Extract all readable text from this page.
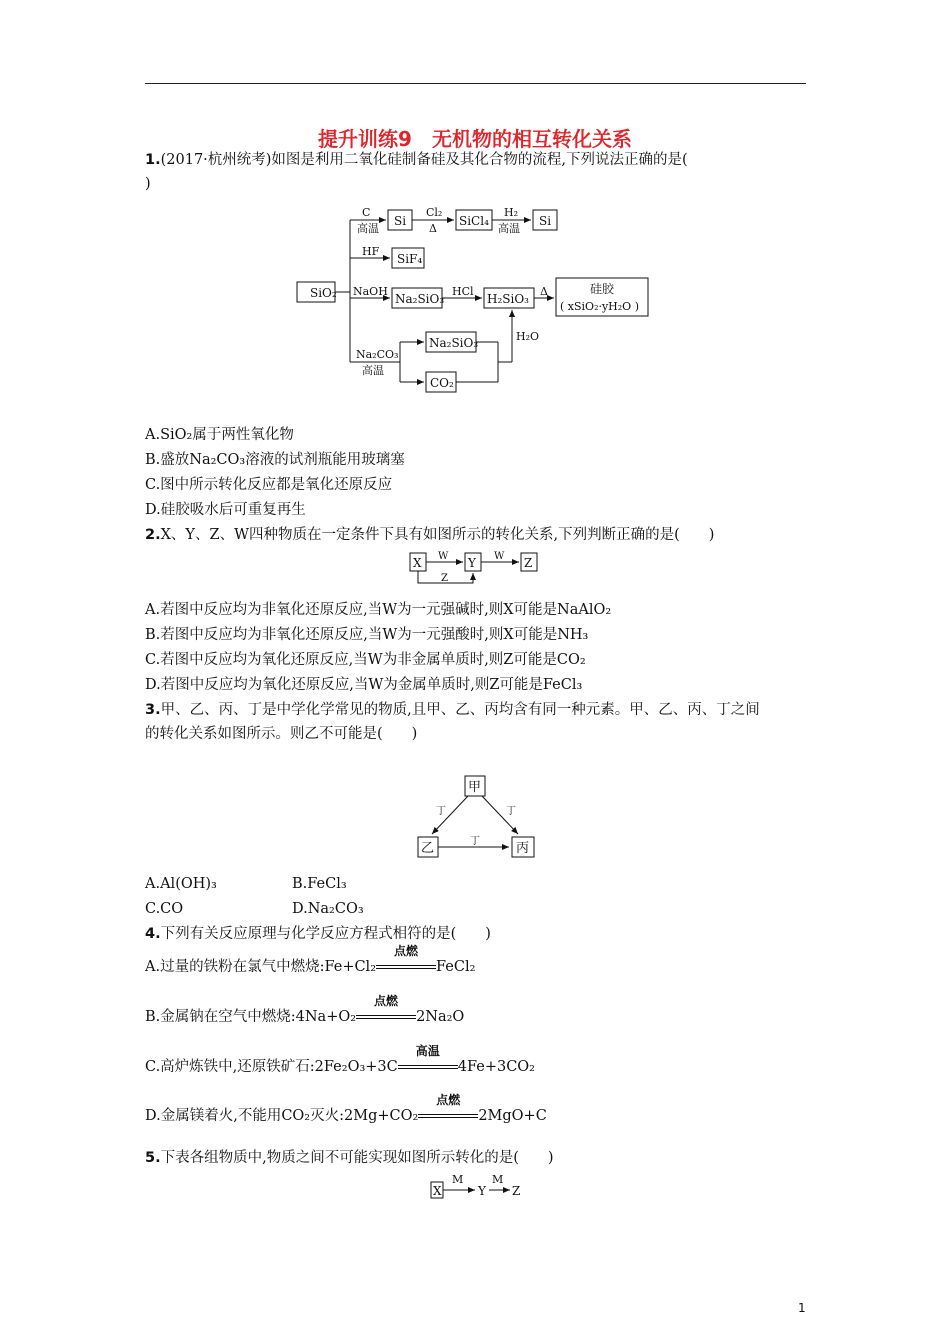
提升训练9　无机物的相互转化关系
1.(2017·杭州统考)如图是利用二氧化硅制备硅及其化合物的流程,下列说法正确的是(
)
SiO₂
C
高温
Si
Cl₂
Δ
SiCl₄
H₂
高温
Si
HF
SiF₄
NaOH
Na₂SiO₃
HCl
H₂SiO₃
Δ	硅胶
( xSiO₂·yH₂O )
Na₂CO₃
高温
Na₂SiO₃
CO₂
H₂O
A.SiO₂属于两性氧化物
B.盛放Na₂CO₃溶液的试剂瓶能用玻璃塞
C.图中所示转化反应都是氧化还原反应
D.硅胶吸水后可重复再生
2.X、Y、Z、W四种物质在一定条件下具有如图所示的转化关系,下列判断正确的是(　　)
X W Y W Z
Z
A.若图中反应均为非氧化还原反应,当W为一元强碱时,则X可能是NaAlO₂
B.若图中反应均为非氧化还原反应,当W为一元强酸时,则X可能是NH₃
C.若图中反应均为氧化还原反应,当W为非金属单质时,则Z可能是CO₂
D.若图中反应均为氧化还原反应,当W为金属单质时,则Z可能是FeCl₃
3.甲、乙、丙、丁是中学化学常见的物质,且甲、乙、丙均含有同一种元素。甲、乙、丙、丁之间
的转化关系如图所示。则乙不可能是(　　)
甲
乙	丙
丁	丁
丁
A.Al(OH)₃	B.FeCl₃
C.CO	D.Na₂CO₃
4.下列有关反应原理与化学反应方程式相符的是(　　)
A.过量的铁粉在氯气中燃烧:Fe+Cl₂
点燃
FeCl₂
B.金属钠在空气中燃烧:4Na+O₂
点燃
2Na₂O
C.高炉炼铁中,还原铁矿石:2Fe₂O₃+3C
高温
4Fe+3CO₂
D.金属镁着火,不能用CO₂灭火:2Mg+CO₂
点燃
2MgO+C
5.下表各组物质中,物质之间不可能实现如图所示转化的是(　　)
X
M
Y
M
Z
1
